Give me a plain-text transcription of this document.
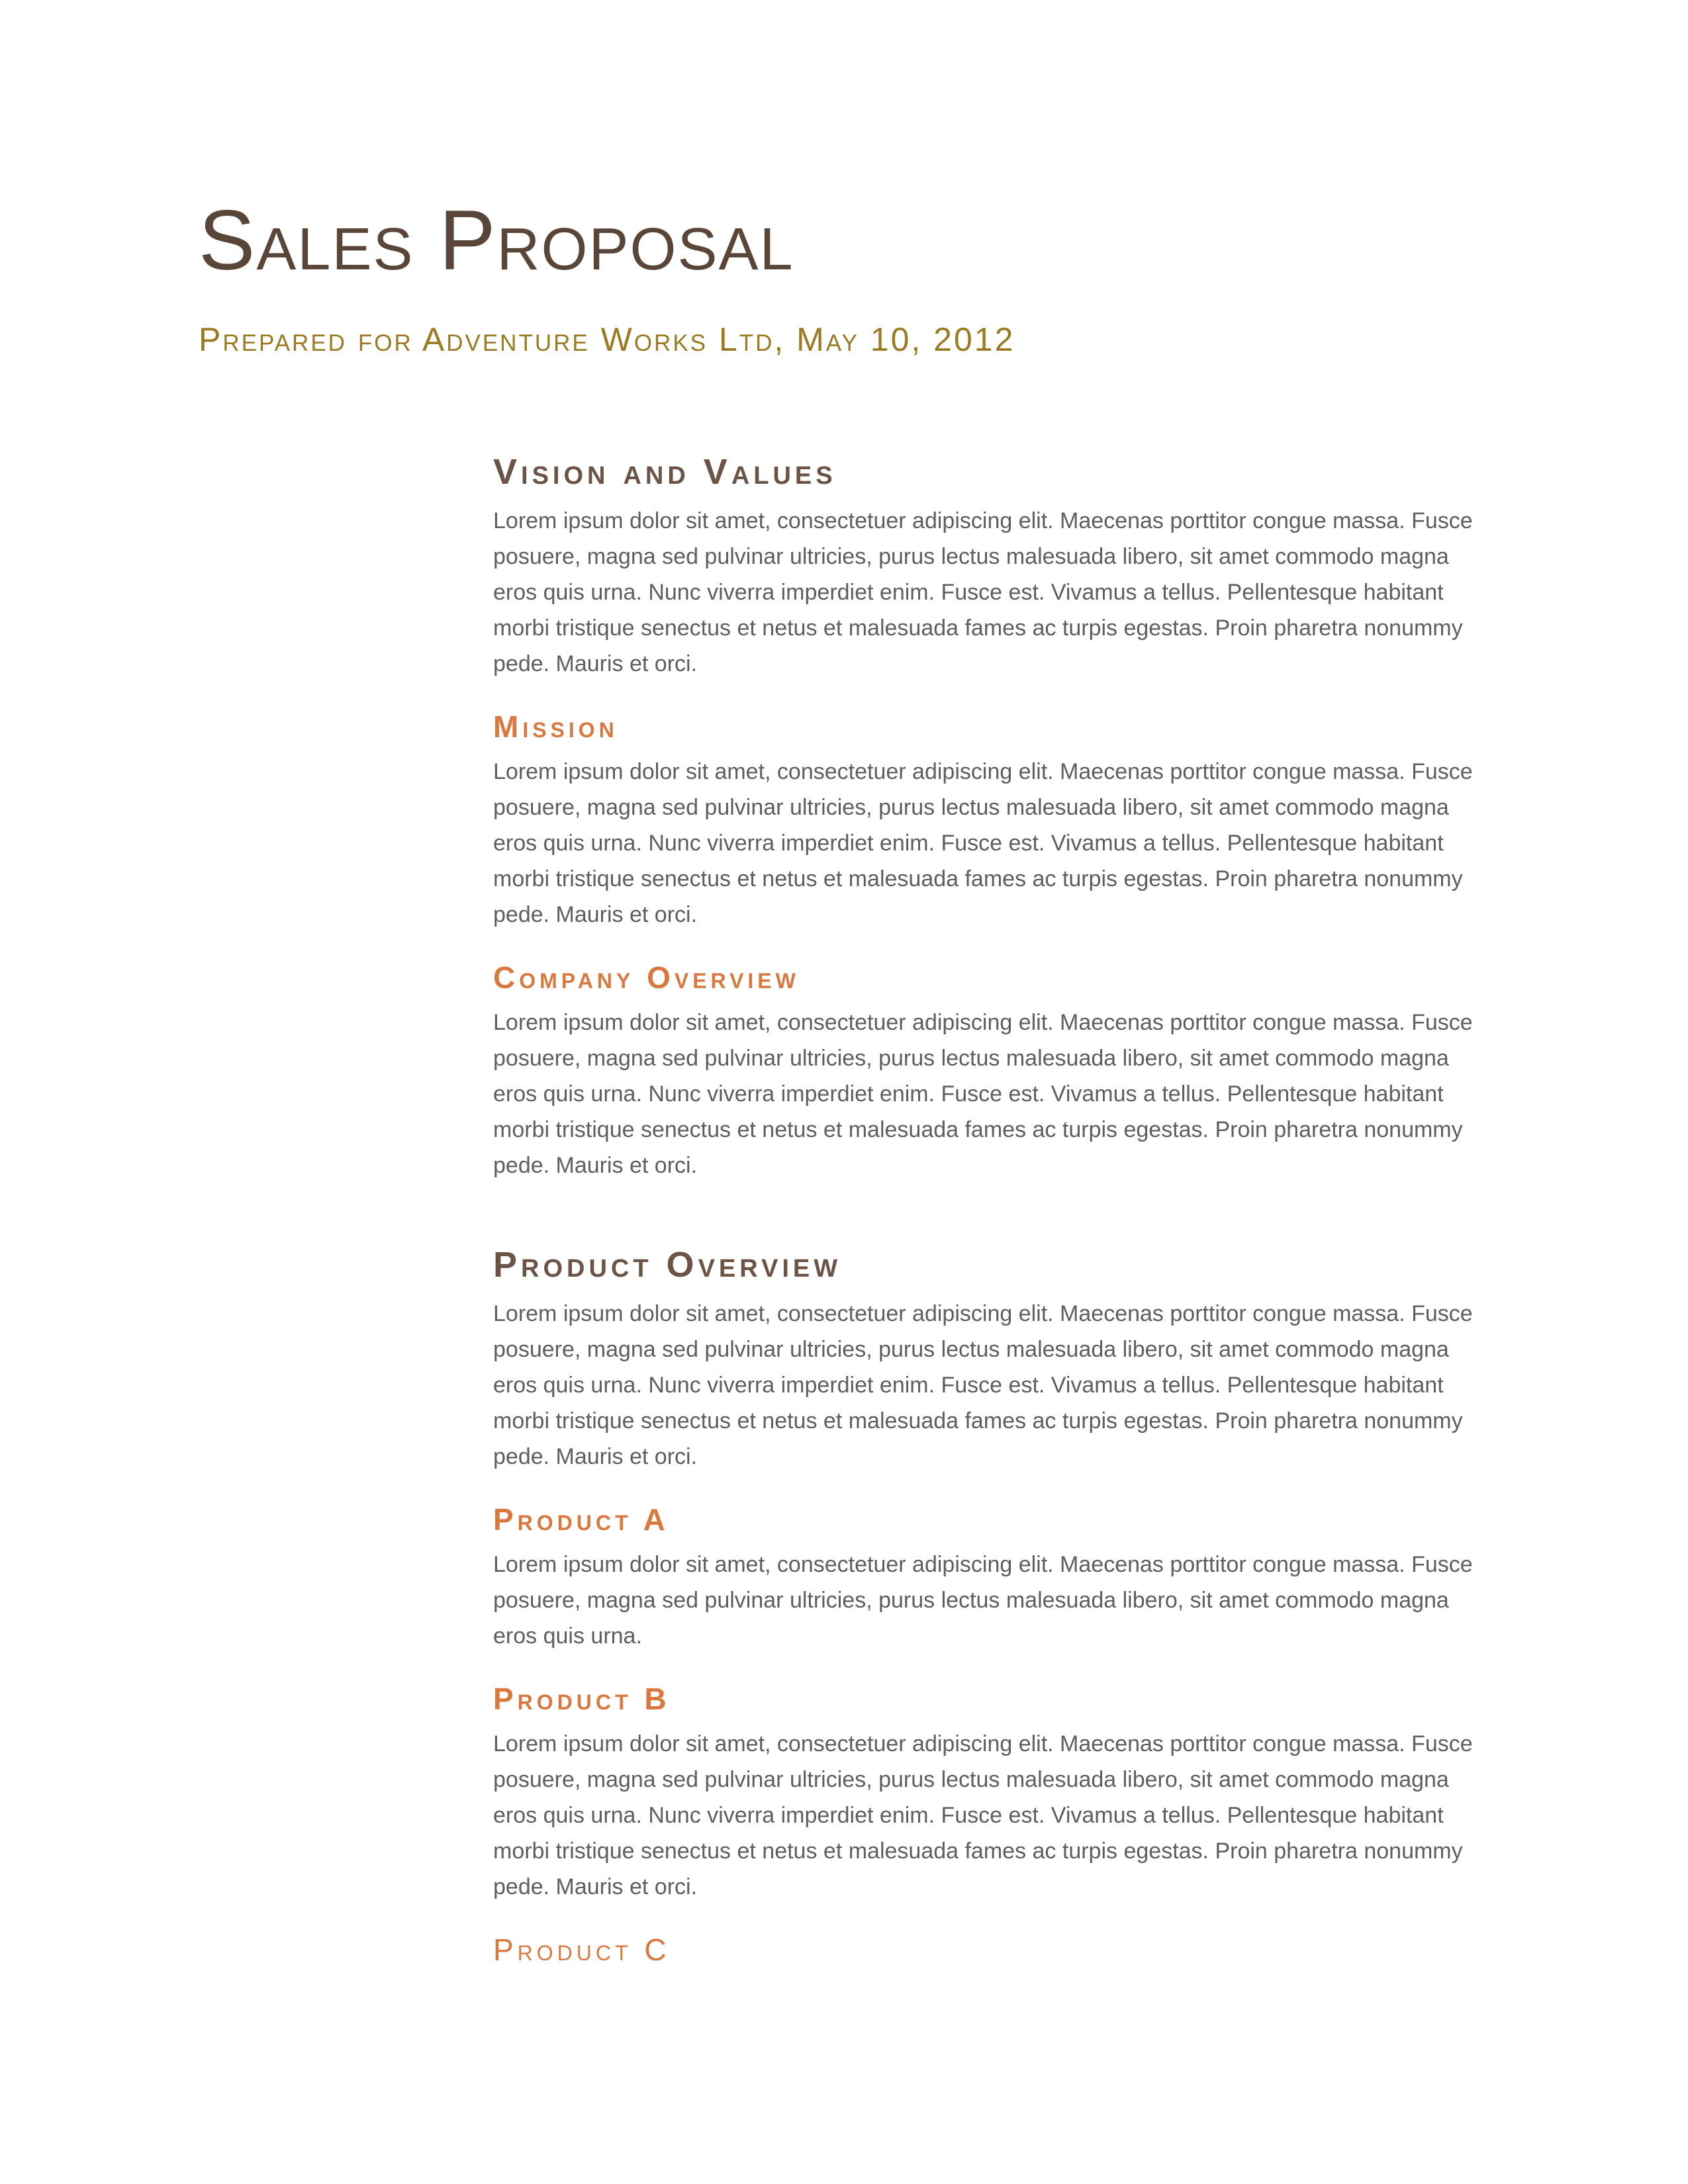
Sales Proposal
Prepared for Adventure Works Ltd, May 10, 2012
Vision and Values

Lorem ipsum dolor sit amet, consectetuer adipiscing elit. Maecenas porttitor congue massa. Fusce posuere, magna sed pulvinar ultricies, purus lectus malesuada libero, sit amet commodo magna eros quis urna. Nunc viverra imperdiet enim. Fusce est. Vivamus a tellus. Pellentesque habitant morbi tristique senectus et netus et malesuada fames ac turpis egestas. Proin pharetra nonummy pede. Mauris et orci.

Mission

Lorem ipsum dolor sit amet, consectetuer adipiscing elit. Maecenas porttitor congue massa. Fusce posuere, magna sed pulvinar ultricies, purus lectus malesuada libero, sit amet commodo magna eros quis urna. Nunc viverra imperdiet enim. Fusce est. Vivamus a tellus. Pellentesque habitant morbi tristique senectus et netus et malesuada fames ac turpis egestas. Proin pharetra nonummy pede. Mauris et orci.

Company Overview

Lorem ipsum dolor sit amet, consectetuer adipiscing elit. Maecenas porttitor congue massa. Fusce posuere, magna sed pulvinar ultricies, purus lectus malesuada libero, sit amet commodo magna eros quis urna. Nunc viverra imperdiet enim. Fusce est. Vivamus a tellus. Pellentesque habitant morbi tristique senectus et netus et malesuada fames ac turpis egestas. Proin pharetra nonummy pede. Mauris et orci.

Product Overview

Lorem ipsum dolor sit amet, consectetuer adipiscing elit. Maecenas porttitor congue massa. Fusce posuere, magna sed pulvinar ultricies, purus lectus malesuada libero, sit amet commodo magna eros quis urna. Nunc viverra imperdiet enim. Fusce est. Vivamus a tellus. Pellentesque habitant morbi tristique senectus et netus et malesuada fames ac turpis egestas. Proin pharetra nonummy pede. Mauris et orci.

Product A

Lorem ipsum dolor sit amet, consectetuer adipiscing elit. Maecenas porttitor congue massa. Fusce posuere, magna sed pulvinar ultricies, purus lectus malesuada libero, sit amet commodo magna eros quis urna.

Product B

Lorem ipsum dolor sit amet, consectetuer adipiscing elit. Maecenas porttitor congue massa. Fusce posuere, magna sed pulvinar ultricies, purus lectus malesuada libero, sit amet commodo magna eros quis urna. Nunc viverra imperdiet enim. Fusce est. Vivamus a tellus. Pellentesque habitant morbi tristique senectus et netus et malesuada fames ac turpis egestas. Proin pharetra nonummy pede. Mauris et orci.

Product C
